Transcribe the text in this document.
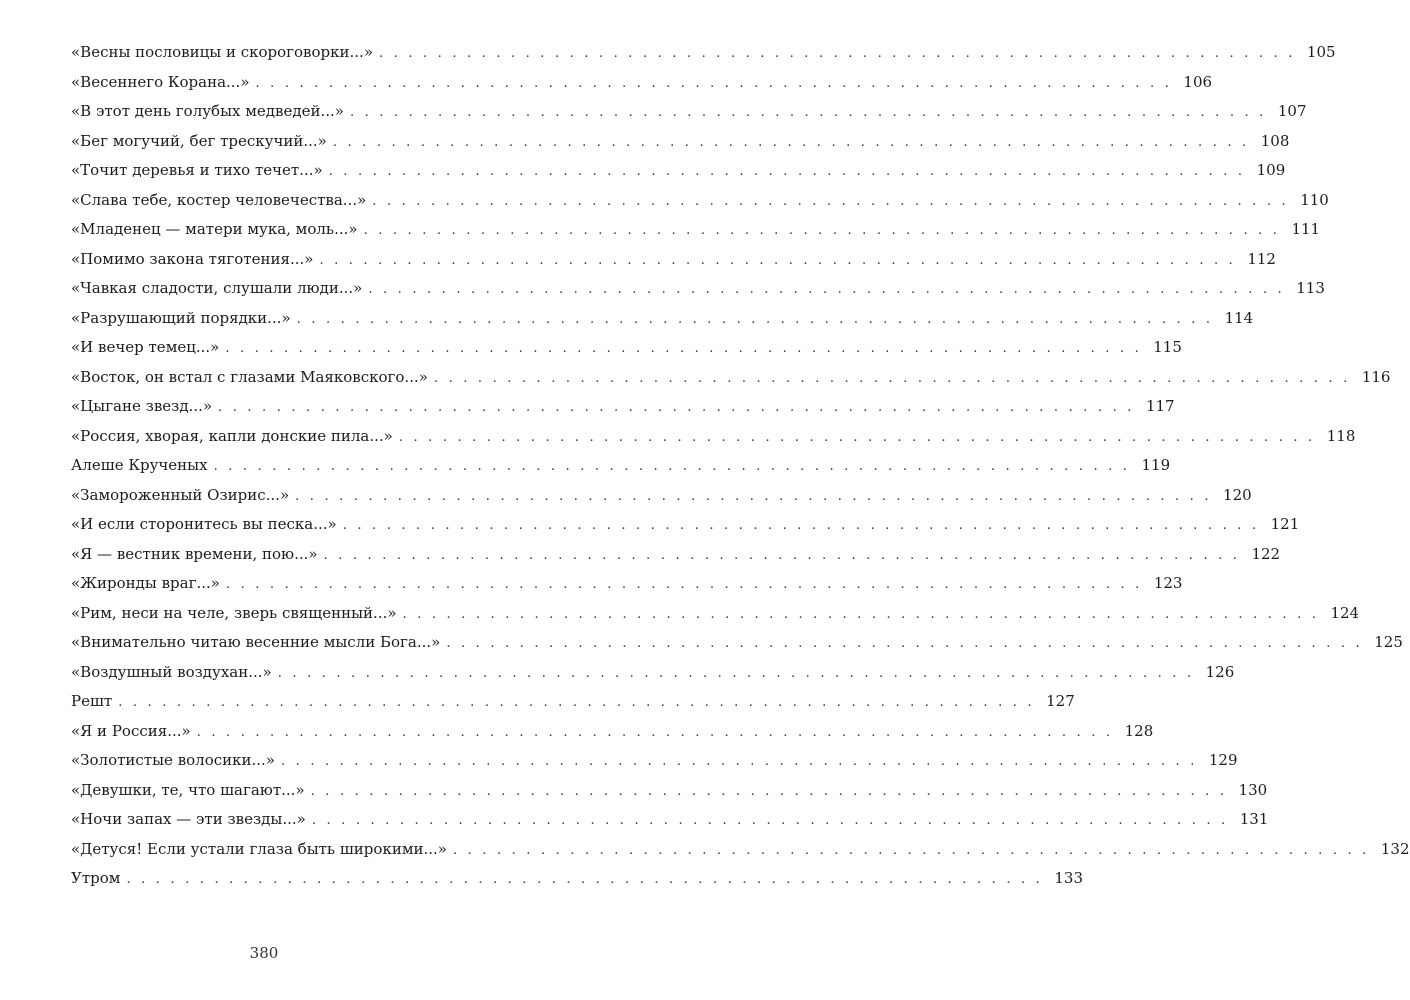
«Весны пословицы и скороговорки...» . . .	105
«Весеннего Корана...» . . .	106
«В этот день голубых медведей...» . . .	107
«Бег могучий, бег трескучий...» . . .	108
«Точит деревья и тихо течет...» . . .	109
«Слава тебе, костер человечества...» . . .	110
«Младенец — матери мука, моль...» . . .	111
«Помимо закона тяготения...» . . .	112
«Чавкая сладости, слушали люди...» . . .	113
«Разрушающий порядки...» . . .	114
«И вечер темец...» . . .	115
«Восток, он встал с глазами Маяковского...» . . .	116
«Цыгане звезд...» . . .	117
«Россия, хворая, капли донские пила...» . . .	118
Алеше Крученых . . .	119
«Замороженный Озирис...» . . .	120
«И если сторонитесь вы песка...» . . .	121
«Я — вестник времени, пою...» . . .	122
«Жиронды враг...» . . .	123
«Рим, неси на челе, зверь священный...» . . .	124
«Внимательно читаю весенние мысли Бога...» . . .	125
«Воздушный воздухан...» . . .	126
Решт . . .	127
«Я и Россия...» . . .	128
«Золотистые волосики...» . . .	129
«Девушки, те, что шагают...» . . .	130
«Ночи запах — эти звезды...» . . .	131
«Детуся! Если устали глаза быть широкими...» . . .	132
Утром . . .	133
380
